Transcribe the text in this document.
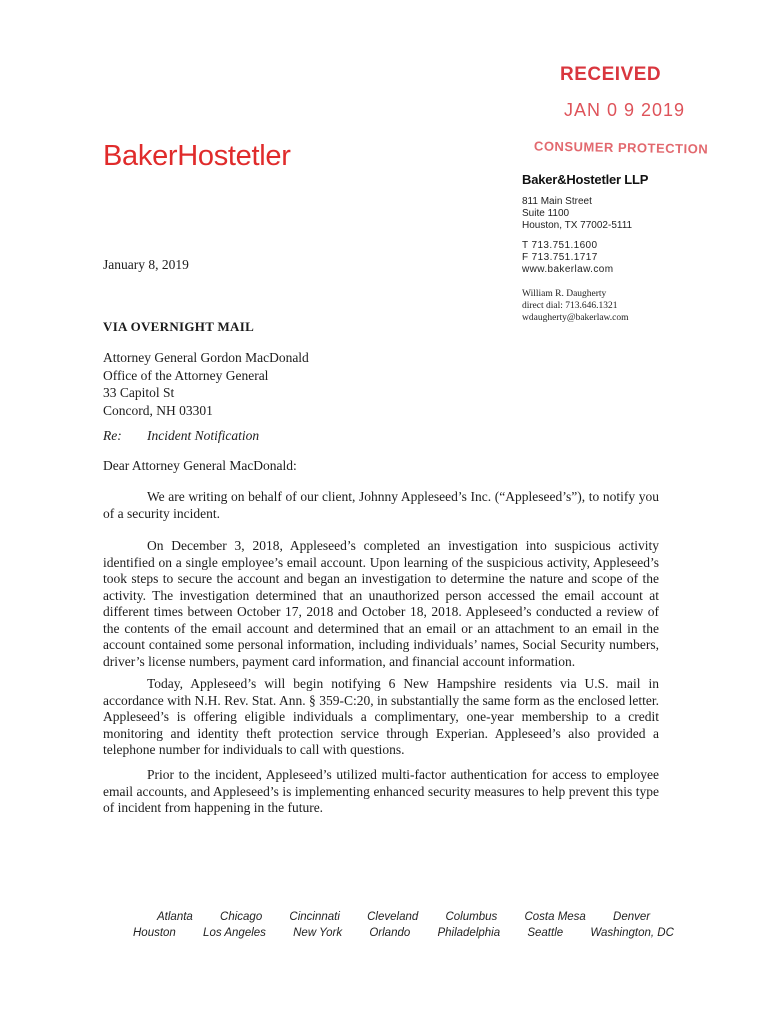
RECEIVED
JAN 0 9 2019
CONSUMER PROTECTION
BakerHostetler
Baker&Hostetler LLP
811 Main Street
Suite 1100
Houston, TX 77002-5111
T 713.751.1600
F 713.751.1717
www.bakerlaw.com
William R. Daugherty
direct dial: 713.646.1321
wdaugherty@bakerlaw.com
January 8, 2019
VIA OVERNIGHT MAIL
Attorney General Gordon MacDonald
Office of the Attorney General
33 Capitol St
Concord, NH 03301
Re: Incident Notification
Dear Attorney General MacDonald:

We are writing on behalf of our client, Johnny Appleseed’s Inc. (“Appleseed’s”), to notify you of a security incident.

On December 3, 2018, Appleseed’s completed an investigation into suspicious activity identified on a single employee’s email account. Upon learning of the suspicious activity, Appleseed’s took steps to secure the account and began an investigation to determine the nature and scope of the activity. The investigation determined that an unauthorized person accessed the email account at different times between October 17, 2018 and October 18, 2018. Appleseed’s conducted a review of the contents of the email account and determined that an email or an attachment to an email in the account contained some personal information, including individuals’ names, Social Security numbers, driver’s license numbers, payment card information, and financial account information.

Today, Appleseed’s will begin notifying 6 New Hampshire residents via U.S. mail in accordance with N.H. Rev. Stat. Ann. § 359-C:20, in substantially the same form as the enclosed letter. Appleseed’s is offering eligible individuals a complimentary, one-year membership to a credit monitoring and identity theft protection service through Experian. Appleseed’s also provided a telephone number for individuals to call with questions.

Prior to the incident, Appleseed’s utilized multi-factor authentication for access to employee email accounts, and Appleseed’s is implementing enhanced security measures to help prevent this type of incident from happening in the future.

Atlanta Chicago Cincinnati Cleveland Columbus Costa Mesa Denver
Houston Los Angeles New York Orlando Philadelphia Seattle Washington, DC
